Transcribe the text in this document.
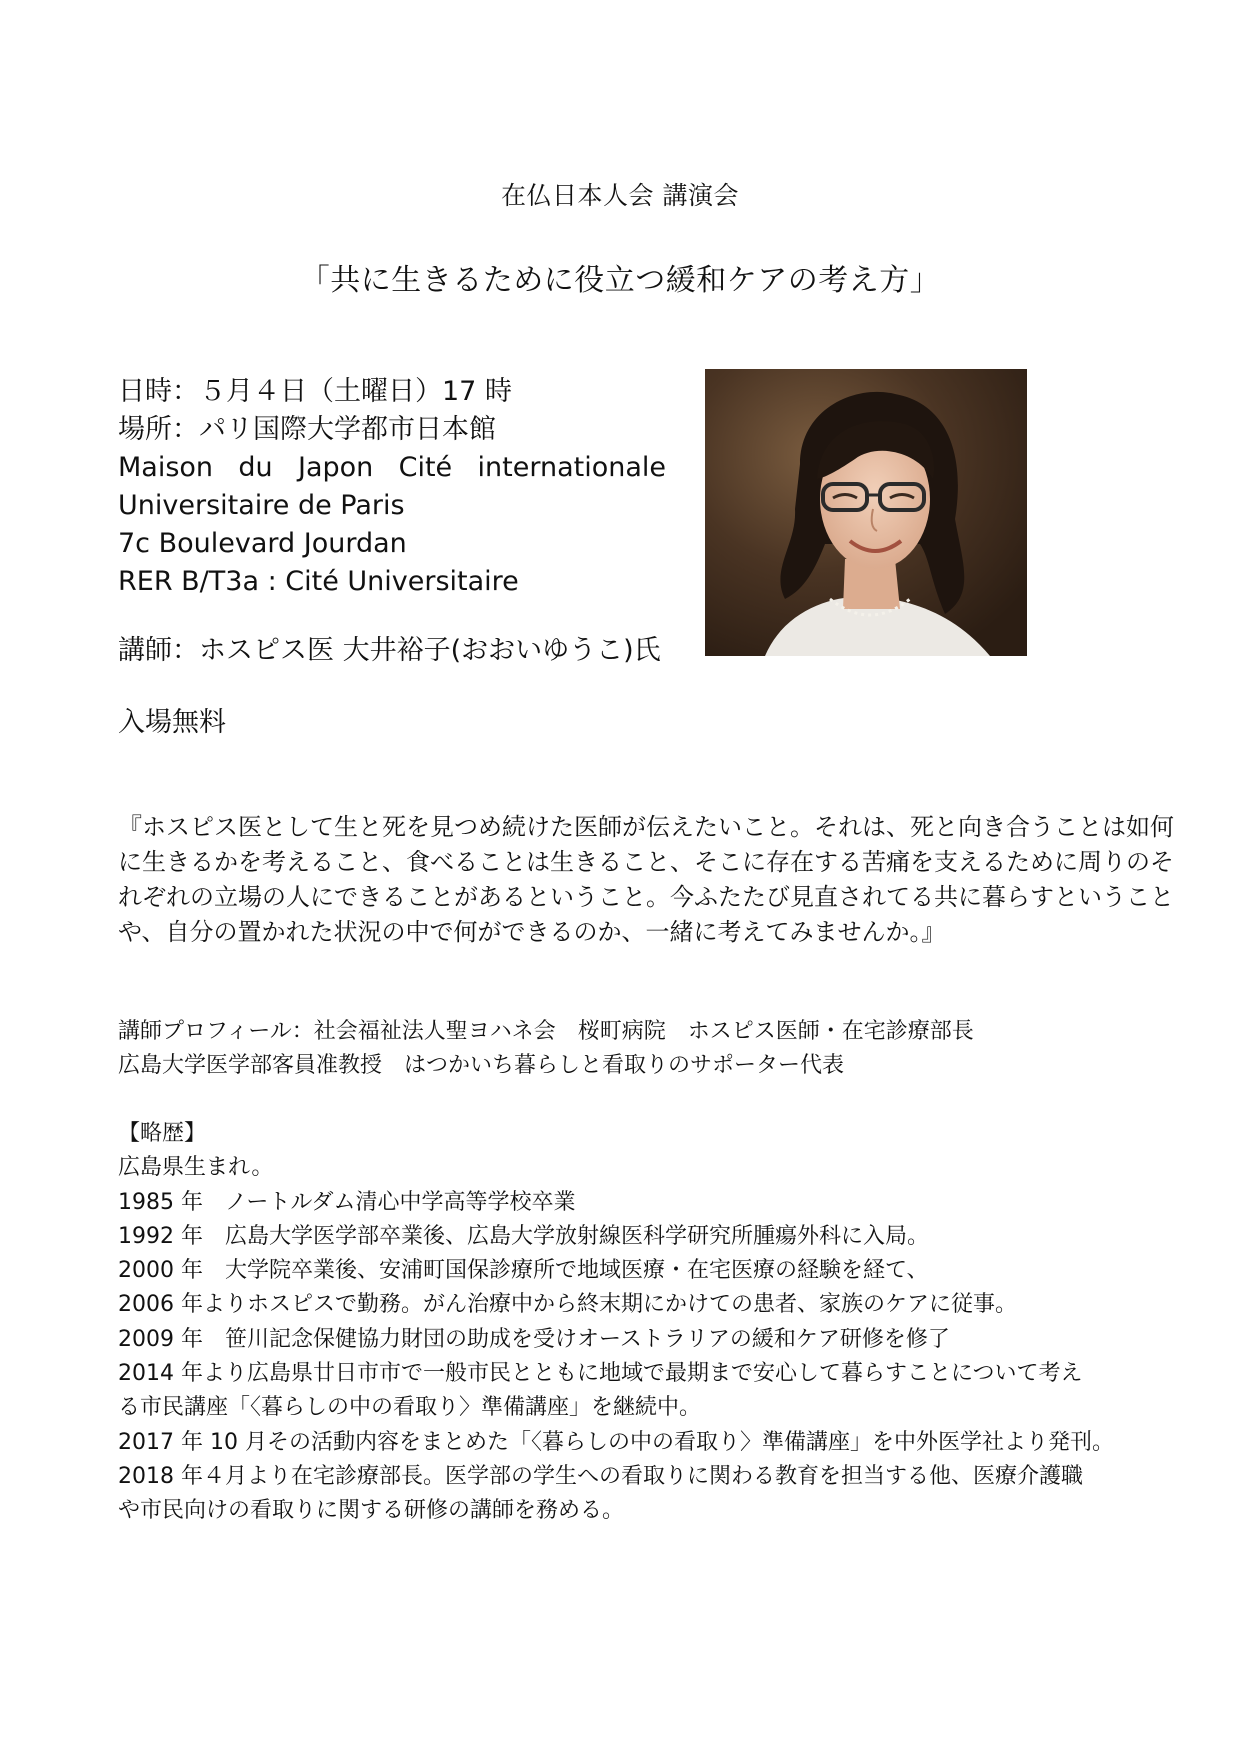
在仏日本人会 講演会
「共に生きるために役立つ緩和ケアの考え方」
日時：５月４日（土曜日）17 時
場所：パリ国際大学都市日本館
Maison du Japon Cité internationale
Universitaire de Paris
7c Boulevard Jourdan
RER B/T3a : Cité Universitaire
講師：ホスピス医 大井裕子(おおいゆうこ)氏
入場無料
『ホスピス医として生と死を見つめ続けた医師が伝えたいこと。それは、死と向き合うことは如何
に生きるかを考えること、食べることは生きること、そこに存在する苦痛を支えるために周りのそ
れぞれの立場の人にできることがあるということ。今ふたたび見直されてる共に暮らすということ
や、自分の置かれた状況の中で何ができるのか、一緒に考えてみませんか。』
講師プロフィール：社会福祉法人聖ヨハネ会　桜町病院　ホスピス医師・在宅診療部長
広島大学医学部客員准教授　はつかいち暮らしと看取りのサポーター代表
【略歴】
広島県生まれ。
1985 年　ノートルダム清心中学高等学校卒業
1992 年　広島大学医学部卒業後、広島大学放射線医科学研究所腫瘍外科に入局。
2000 年　大学院卒業後、安浦町国保診療所で地域医療・在宅医療の経験を経て、
2006 年よりホスピスで勤務。がん治療中から終末期にかけての患者、家族のケアに従事。
2009 年　笹川記念保健協力財団の助成を受けオーストラリアの緩和ケア研修を修了
2014 年より広島県廿日市市で一般市民とともに地域で最期まで安心して暮らすことについて考え
る市民講座「〈暮らしの中の看取り〉準備講座」を継続中。
2017 年 10 月その活動内容をまとめた「〈暮らしの中の看取り〉準備講座」を中外医学社より発刊。
2018 年４月より在宅診療部長。医学部の学生への看取りに関わる教育を担当する他、医療介護職
や市民向けの看取りに関する研修の講師を務める。
